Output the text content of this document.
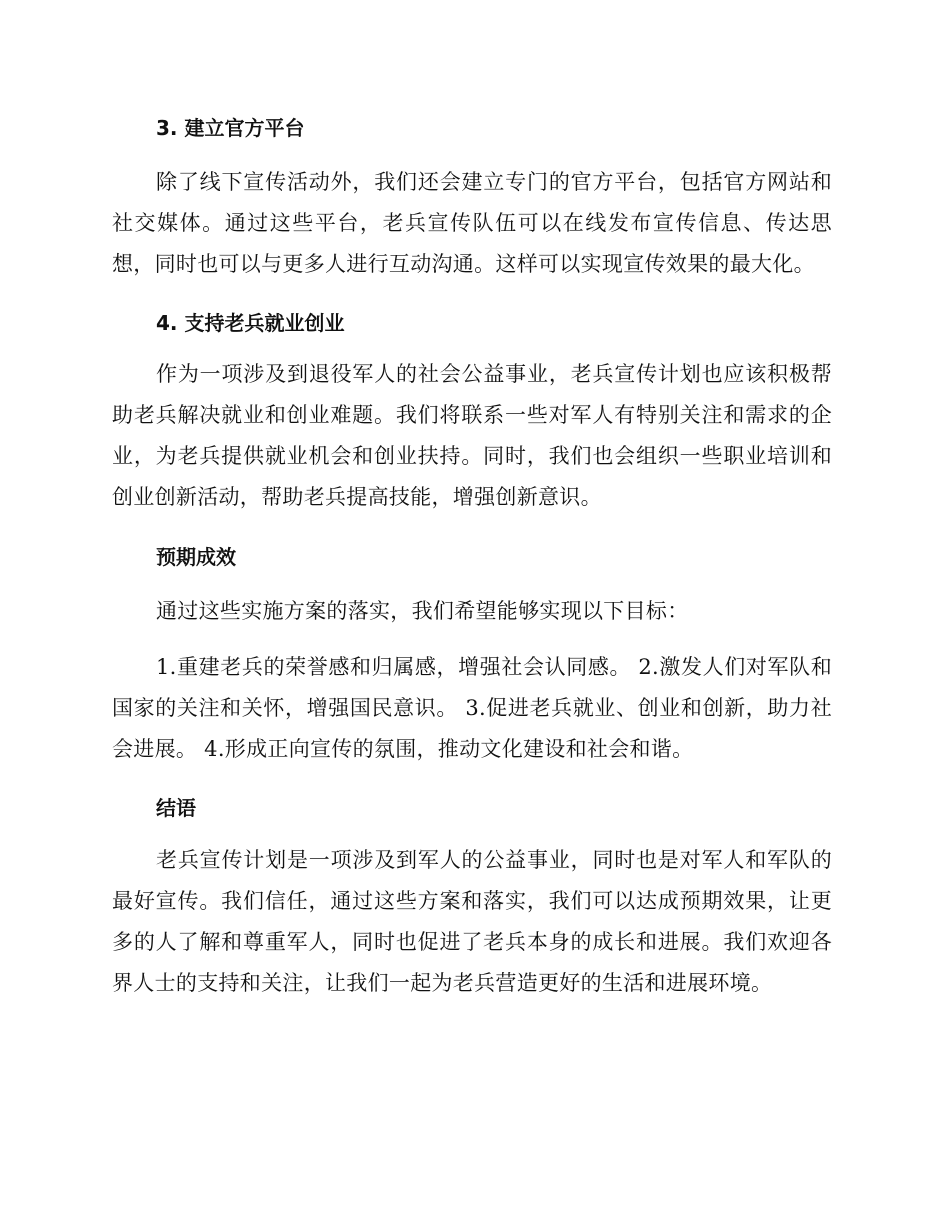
3. 建立官方平台

除了线下宣传活动外，我们还会建立专门的官方平台，包括官方网站和社交媒体。通过这些平台，老兵宣传队伍可以在线发布宣传信息、传达思想，同时也可以与更多人进行互动沟通。这样可以实现宣传效果的最大化。

4. 支持老兵就业创业

作为一项涉及到退役军人的社会公益事业，老兵宣传计划也应该积极帮助老兵解决就业和创业难题。我们将联系一些对军人有特别关注和需求的企业，为老兵提供就业机会和创业扶持。同时，我们也会组织一些职业培训和创业创新活动，帮助老兵提高技能，增强创新意识。

预期成效

通过这些实施方案的落实，我们希望能够实现以下目标：

1.重建老兵的荣誉感和归属感，增强社会认同感。 2.激发人们对军队和国家的关注和关怀，增强国民意识。 3.促进老兵就业、创业和创新，助力社会进展。 4.形成正向宣传的氛围，推动文化建设和社会和谐。

结语

老兵宣传计划是一项涉及到军人的公益事业，同时也是对军人和军队的最好宣传。我们信任，通过这些方案和落实，我们可以达成预期效果，让更多的人了解和尊重军人，同时也促进了老兵本身的成长和进展。我们欢迎各界人士的支持和关注，让我们一起为老兵营造更好的生活和进展环境。
